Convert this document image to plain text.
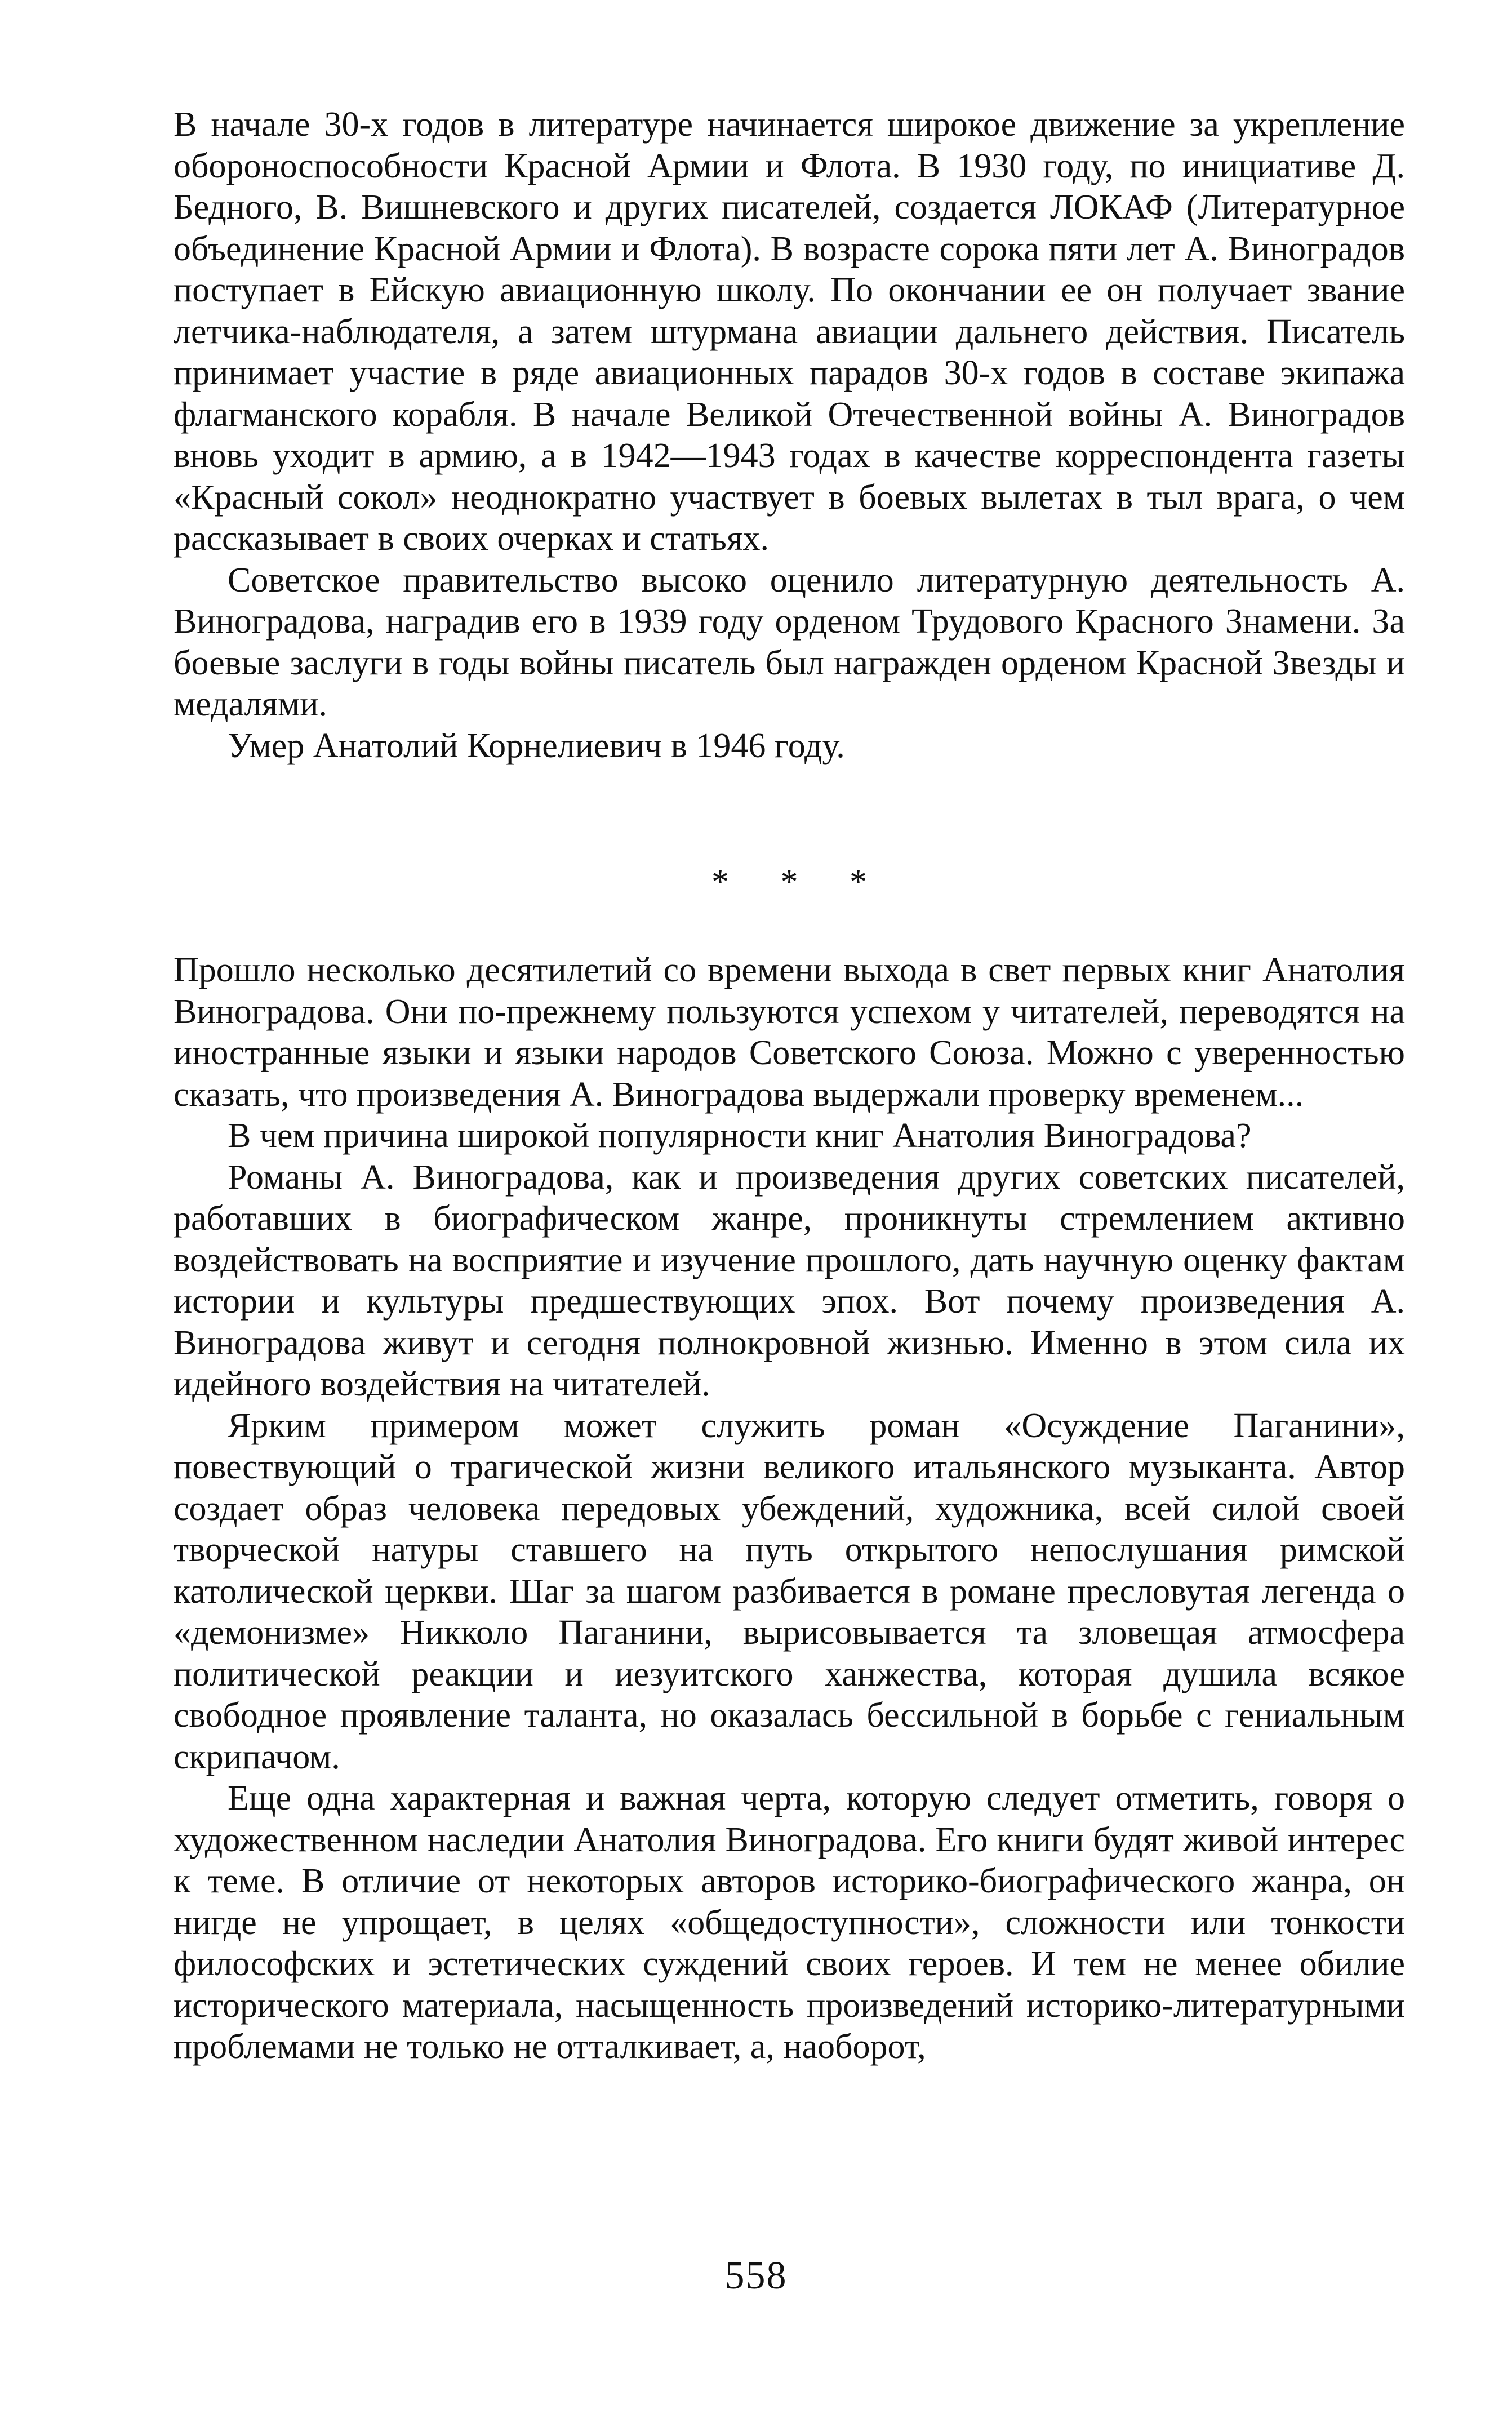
В начале 30-х годов в литературе начинается широкое движение за укрепление обороноспособности Красной Армии и Флота. В 1930 году, по инициативе Д. Бедного, В. Вишневского и других писателей, создается ЛОКАФ (Литературное объединение Красной Армии и Флота). В возрасте сорока пяти лет А. Виноградов поступает в Ейскую авиационную школу. По окончании ее он получает звание летчика-наблюдателя, а затем штурмана авиации дальнего действия. Писатель принимает участие в ряде авиационных парадов 30-х годов в составе экипажа флагманского корабля. В начале Великой Отечественной войны А. Виноградов вновь уходит в армию, а в 1942—1943 годах в качестве корреспондента газеты «Красный сокол» неоднократно участвует в боевых вылетах в тыл врага, о чем рассказывает в своих очерках и статьях.

Советское правительство высоко оценило литературную деятельность А. Виноградова, наградив его в 1939 году орденом Трудового Красного Знамени. За боевые заслуги в годы войны писатель был награжден орденом Красной Звезды и медалями.

Умер Анатолий Корнелиевич в 1946 году.

* * *

Прошло несколько десятилетий со времени выхода в свет первых книг Анатолия Виноградова. Они по-прежнему пользуются успехом у читателей, переводятся на иностранные языки и языки народов Советского Союза. Можно с уверенностью сказать, что произведения А. Виноградова выдержали проверку временем...

В чем причина широкой популярности книг Анатолия Виноградова?

Романы А. Виноградова, как и произведения других советских писателей, работавших в биографическом жанре, проникнуты стремлением активно воздействовать на восприятие и изучение прошлого, дать научную оценку фактам истории и культуры предшествующих эпох. Вот почему произведения А. Виноградова живут и сегодня полнокровной жизнью. Именно в этом сила их идейного воздействия на читателей.

Ярким примером может служить роман «Осуждение Паганини», повествующий о трагической жизни великого итальянского музыканта. Автор создает образ человека передовых убеждений, художника, всей силой своей творческой натуры ставшего на путь открытого непослушания римской католической церкви. Шаг за шагом разбивается в романе пресловутая легенда о «демонизме» Никколо Паганини, вырисовывается та зловещая атмосфера политической реакции и иезуитского ханжества, которая душила всякое свободное проявление таланта, но оказалась бессильной в борьбе с гениальным скрипачом.

Еще одна характерная и важная черта, которую следует отметить, говоря о художественном наследии Анатолия Виноградова. Его книги будят живой интерес к теме. В отличие от некоторых авторов историко-биографического жанра, он нигде не упрощает, в целях «общедоступности», сложности или тонкости философских и эстетических суждений своих героев. И тем не менее обилие исторического материала, насыщенность произведений историко-литературными проблемами не только не отталкивает, а, наоборот,

558
